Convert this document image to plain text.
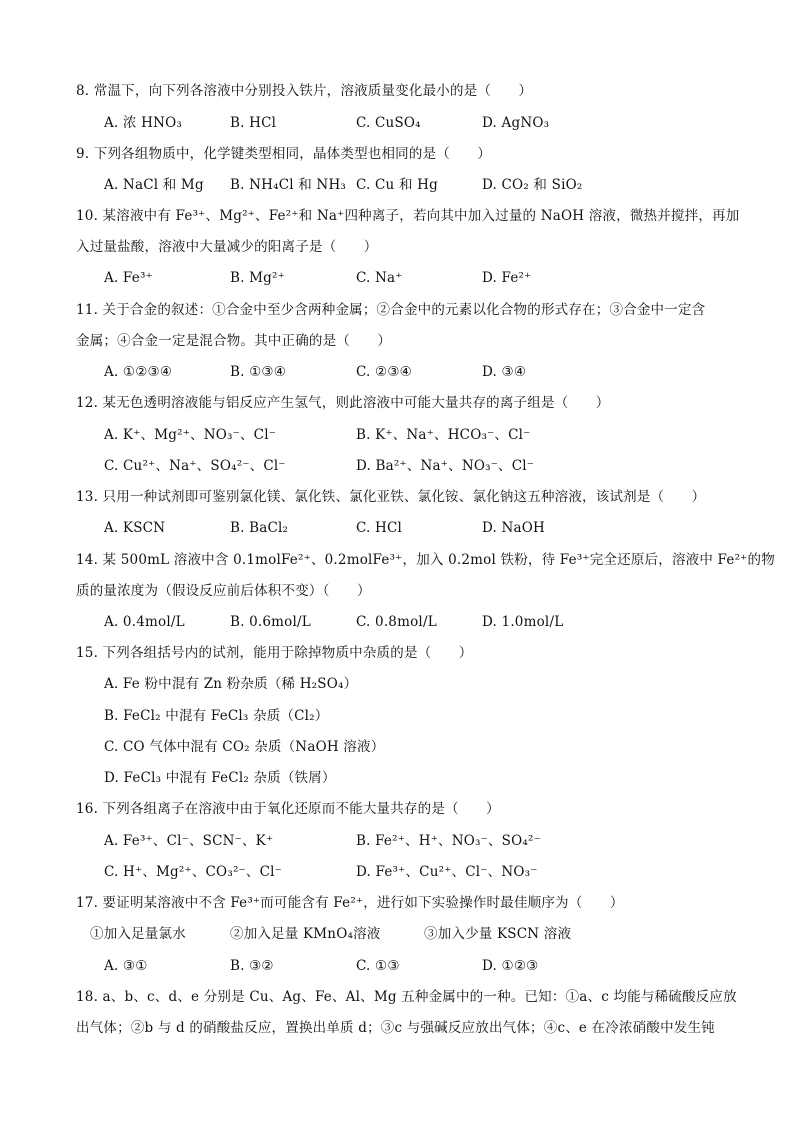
8. 常温下，向下列各溶液中分别投入铁片，溶液质量变化最小的是（　　）
A. 浓 HNO₃	B. HCl	C. CuSO₄	D. AgNO₃
9. 下列各组物质中，化学键类型相同，晶体类型也相同的是（　　）
A. NaCl 和 Mg B. NH₄Cl 和 NH₃ C. Cu 和 Hg	D. CO₂ 和 SiO₂
10. 某溶液中有 Fe³⁺、Mg²⁺、Fe²⁺和 Na⁺四种离子，若向其中加入过量的 NaOH 溶液，微热并搅拌，再加
入过量盐酸，溶液中大量减少的阳离子是（　　）
A. Fe³⁺	B. Mg²⁺	C. Na⁺	D. Fe²⁺
11. 关于合金的叙述：①合金中至少含两种金属；②合金中的元素以化合物的形式存在；③合金中一定含
金属；④合金一定是混合物。其中正确的是（　　）
A. ①②③④	B. ①③④	C. ②③④	D. ③④
12. 某无色透明溶液能与铝反应产生氢气，则此溶液中可能大量共存的离子组是（　　）
A. K⁺、Mg²⁺、NO₃⁻、Cl⁻	B. K⁺、Na⁺、HCO₃⁻、Cl⁻
C. Cu²⁺、Na⁺、SO₄²⁻、Cl⁻	D. Ba²⁺、Na⁺、NO₃⁻、Cl⁻
13. 只用一种试剂即可鉴别氯化镁、氯化铁、氯化亚铁、氯化铵、氯化钠这五种溶液，该试剂是（　　）
A. KSCN	B. BaCl₂	C. HCl	D. NaOH
14. 某 500mL 溶液中含 0.1molFe²⁺、0.2molFe³⁺，加入 0.2mol 铁粉，待 Fe³⁺完全还原后，溶液中 Fe²⁺的物
质的量浓度为（假设反应前后体积不变）（　　）
A. 0.4mol/L	B. 0.6mol/L	C. 0.8mol/L	D. 1.0mol/L
15. 下列各组括号内的试剂，能用于除掉物质中杂质的是（　　）
A. Fe 粉中混有 Zn 粉杂质（稀 H₂SO₄）
B. FeCl₂ 中混有 FeCl₃ 杂质（Cl₂）
C. CO 气体中混有 CO₂ 杂质（NaOH 溶液）
D. FeCl₃ 中混有 FeCl₂ 杂质（铁屑）
16. 下列各组离子在溶液中由于氧化还原而不能大量共存的是（　　）
A. Fe³⁺、Cl⁻、SCN⁻、K⁺	B. Fe²⁺、H⁺、NO₃⁻、SO₄²⁻
C. H⁺、Mg²⁺、CO₃²⁻、Cl⁻	D. Fe³⁺、Cu²⁺、Cl⁻、NO₃⁻
17. 要证明某溶液中不含 Fe³⁺而可能含有 Fe²⁺，进行如下实验操作时最佳顺序为（　　）
①加入足量氯水	②加入足量 KMnO₄溶液	③加入少量 KSCN 溶液
A. ③①	B. ③②	C. ①③	D. ①②③
18. a、b、c、d、e 分别是 Cu、Ag、Fe、Al、Mg 五种金属中的一种。已知：①a、c 均能与稀硫酸反应放
出气体；②b 与 d 的硝酸盐反应，置换出单质 d；③c 与强碱反应放出气体；④c、e 在冷浓硝酸中发生钝
